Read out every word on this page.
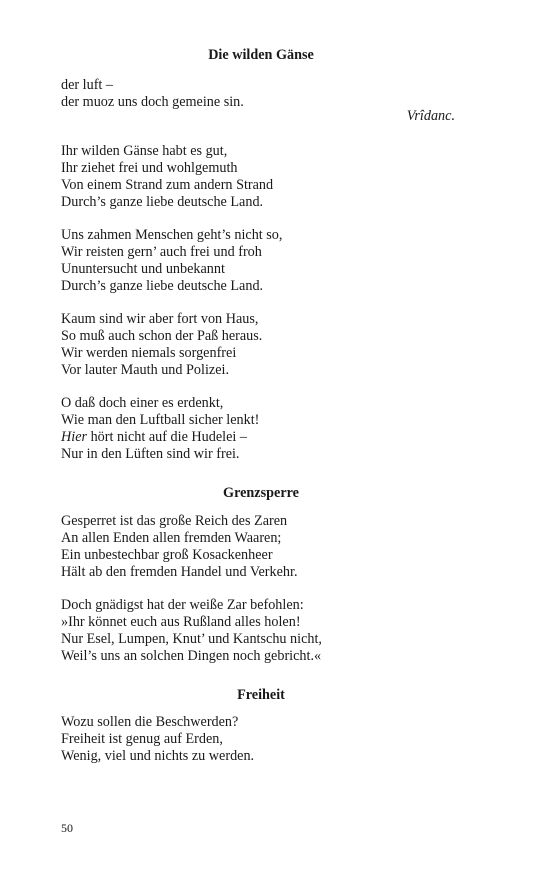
Die wilden Gänse
der luft –
der muoz uns doch gemeine sin.
Vrîdanc.
Ihr wilden Gänse habt es gut,
Ihr ziehet frei und wohlgemuth
Von einem Strand zum andern Strand
Durch’s ganze liebe deutsche Land.
Uns zahmen Menschen geht’s nicht so,
Wir reisten gern’ auch frei und froh
Ununtersucht und unbekannt
Durch’s ganze liebe deutsche Land.
Kaum sind wir aber fort von Haus,
So muß auch schon der Paß heraus.
Wir werden niemals sorgenfrei
Vor lauter Mauth und Polizei.
O daß doch einer es erdenkt,
Wie man den Luftball sicher lenkt!
Hier hört nicht auf die Hudelei –
Nur in den Lüften sind wir frei.
Grenzsperre
Gesperret ist das große Reich des Zaren
An allen Enden allen fremden Waaren;
Ein unbestechbar groß Kosackenheer
Hält ab den fremden Handel und Verkehr.
Doch gnädigst hat der weiße Zar befohlen:
»Ihr könnet euch aus Rußland alles holen!
Nur Esel, Lumpen, Knut’ und Kantschu nicht,
Weil’s uns an solchen Dingen noch gebricht.«
Freiheit
Wozu sollen die Beschwerden?
Freiheit ist genug auf Erden,
Wenig, viel und nichts zu werden.
50
